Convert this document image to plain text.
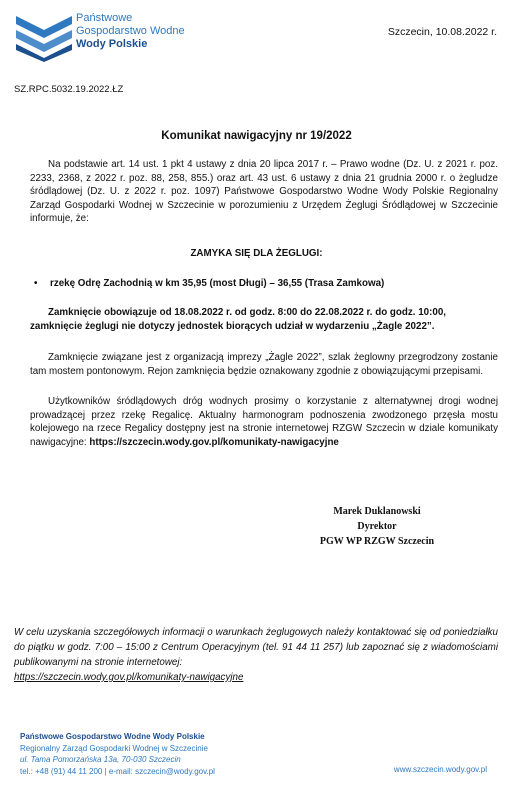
Państwowe
Gospodarstwo Wodne
Wody Polskie
Szczecin, 10.08.2022 r.
SZ.RPC.5032.19.2022.ŁZ
Komunikat nawigacyjny nr 19/2022
Na podstawie art. 14 ust. 1 pkt 4 ustawy z dnia 20 lipca 2017 r. – Prawo wodne (Dz. U. z 2021 r. poz. 2233, 2368, z 2022 r. poz. 88, 258, 855.) oraz art. 43 ust. 6 ustawy z dnia 21 grudnia 2000 r. o żegludze śródlądowej (Dz. U. z 2022 r. poz. 1097) Państwowe Gospodarstwo Wodne Wody Polskie Regionalny Zarząd Gospodarki Wodnej w Szczecinie w porozumieniu z Urzędem Żeglugi Śródlądowej w Szczecinie informuje, że:
ZAMYKA SIĘ DLA ŻEGLUGI:
• rzekę Odrę Zachodnią w km 35,95 (most Długi) – 36,55 (Trasa Zamkowa)
Zamknięcie obowiązuje od 18.08.2022 r. od godz. 8:00 do 22.08.2022 r. do godz. 10:00, zamknięcie żeglugi nie dotyczy jednostek biorących udział w wydarzeniu „Żagle 2022”.
Zamknięcie związane jest z organizacją imprezy „Żagle 2022”, szlak żeglowny przegrodzony zostanie tam mostem pontonowym. Rejon zamknięcia będzie oznakowany zgodnie z obowiązującymi przepisami.
Użytkowników śródlądowych dróg wodnych prosimy o korzystanie z alternatywnej drogi wodnej prowadzącej przez rzekę Regalicę. Aktualny harmonogram podnoszenia zwodzonego przęsła mostu kolejowego na rzece Regalicy dostępny jest na stronie internetowej RZGW Szczecin w dziale komunikaty nawigacyjne: https://szczecin.wody.gov.pl/komunikaty-nawigacyjne
Marek Duklanowski
Dyrektor
PGW WP RZGW Szczecin
W celu uzyskania szczegółowych informacji o warunkach żeglugowych należy kontaktować się od poniedziałku do piątku w godz. 7:00 – 15:00 z Centrum Operacyjnym (tel. 91 44 11 257) lub zapoznać się z wiadomościami publikowanymi na stronie internetowej:
https://szczecin.wody.gov.pl/komunikaty-nawigacyjne
Państwowe Gospodarstwo Wodne Wody Polskie
Regionalny Zarząd Gospodarki Wodnej w Szczecinie
ul. Tama Pomorzańska 13a, 70-030 Szczecin
tel.: +48 (91) 44 11 200 | e-mail: szczecin@wody.gov.pl	www.szczecin.wody.gov.pl
